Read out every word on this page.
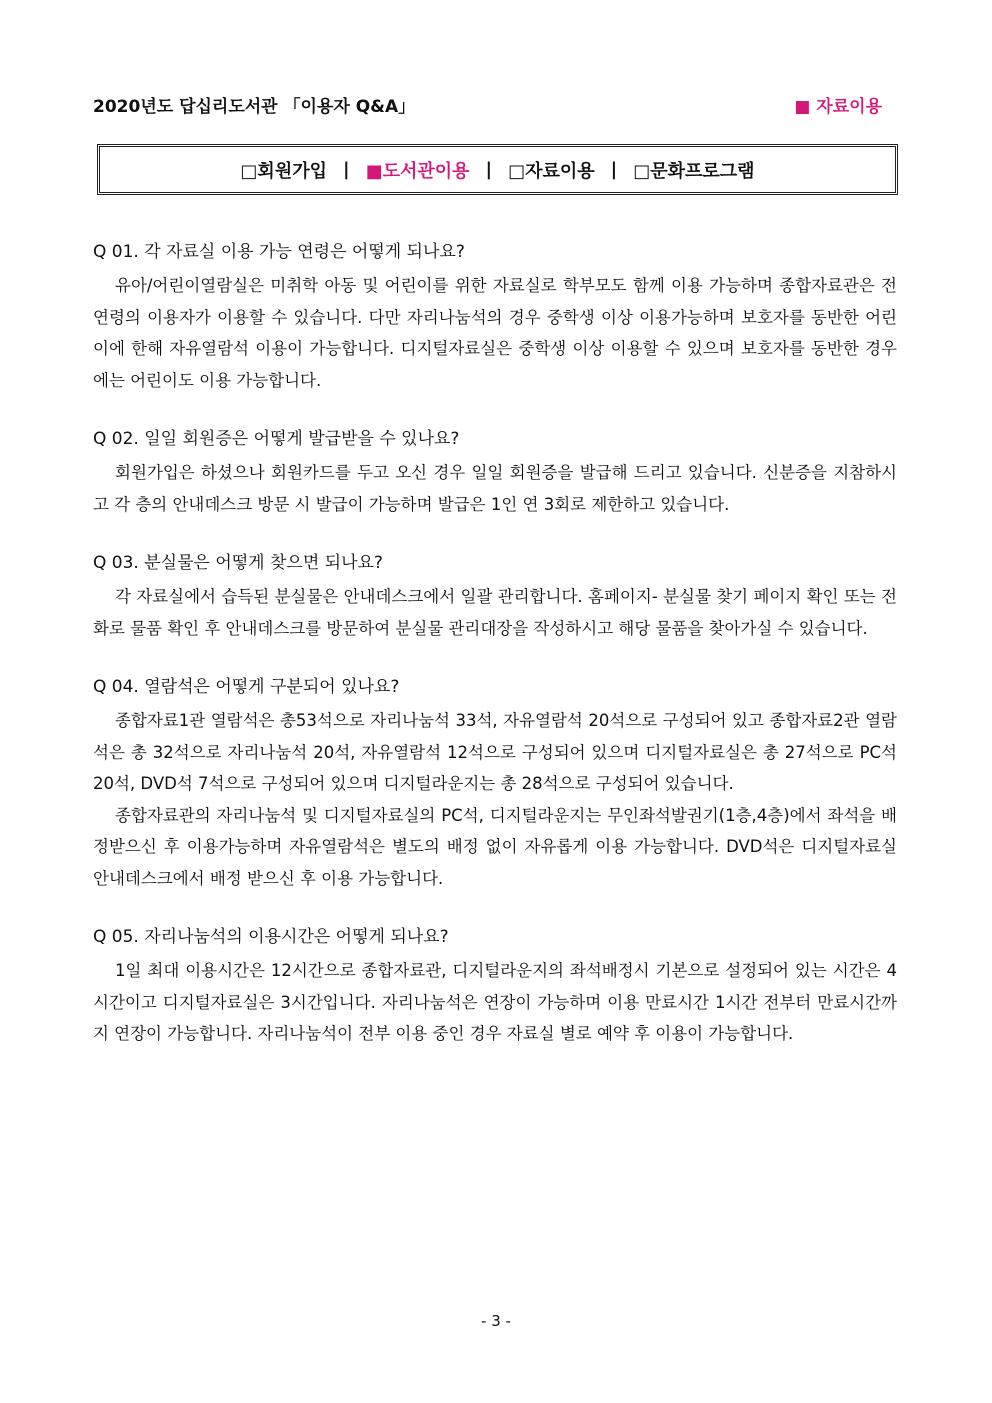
2020년도 답십리도서관 「이용자 Q&A」	■ 자료이용
□회원가입 | ■도서관이용 | □자료이용 | □문화프로그램
Q 01. 각 자료실 이용 가능 연령은 어떻게 되나요?

유아/어린이열람실은 미취학 아동 및 어린이를 위한 자료실로 학부모도 함께 이용 가능하며 종합자료관은 전연령의 이용자가 이용할 수 있습니다. 다만 자리나눔석의 경우 중학생 이상 이용가능하며 보호자를 동반한 어린이에 한해 자유열람석 이용이 가능합니다. 디지털자료실은 중학생 이상 이용할 수 있으며 보호자를 동반한 경우에는 어린이도 이용 가능합니다.

Q 02. 일일 회원증은 어떻게 발급받을 수 있나요?

회원가입은 하셨으나 회원카드를 두고 오신 경우 일일 회원증을 발급해 드리고 있습니다. 신분증을 지참하시고 각 층의 안내데스크 방문 시 발급이 가능하며 발급은 1인 연 3회로 제한하고 있습니다.

Q 03. 분실물은 어떻게 찾으면 되나요?

각 자료실에서 습득된 분실물은 안내데스크에서 일괄 관리합니다. 홈페이지- 분실물 찾기 페이지 확인 또는 전화로 물품 확인 후 안내데스크를 방문하여 분실물 관리대장을 작성하시고 해당 물품을 찾아가실 수 있습니다.

Q 04. 열람석은 어떻게 구분되어 있나요?

종합자료1관 열람석은 총53석으로 자리나눔석 33석, 자유열람석 20석으로 구성되어 있고 종합자료2관 열람석은 총 32석으로 자리나눔석 20석, 자유열람석 12석으로 구성되어 있으며 디지털자료실은 총 27석으로 PC석 20석, DVD석 7석으로 구성되어 있으며 디지털라운지는 총 28석으로 구성되어 있습니다.

종합자료관의 자리나눔석 및 디지털자료실의 PC석, 디지털라운지는 무인좌석발권기(1층,4층)에서 좌석을 배정받으신 후 이용가능하며 자유열람석은 별도의 배정 없이 자유롭게 이용 가능합니다. DVD석은 디지털자료실 안내데스크에서 배정 받으신 후 이용 가능합니다.

Q 05. 자리나눔석의 이용시간은 어떻게 되나요?

1일 최대 이용시간은 12시간으로 종합자료관, 디지털라운지의 좌석배정시 기본으로 설정되어 있는 시간은 4시간이고 디지털자료실은 3시간입니다. 자리나눔석은 연장이 가능하며 이용 만료시간 1시간 전부터 만료시간까지 연장이 가능합니다. 자리나눔석이 전부 이용 중인 경우 자료실 별로 예약 후 이용이 가능합니다.

- 3 -
